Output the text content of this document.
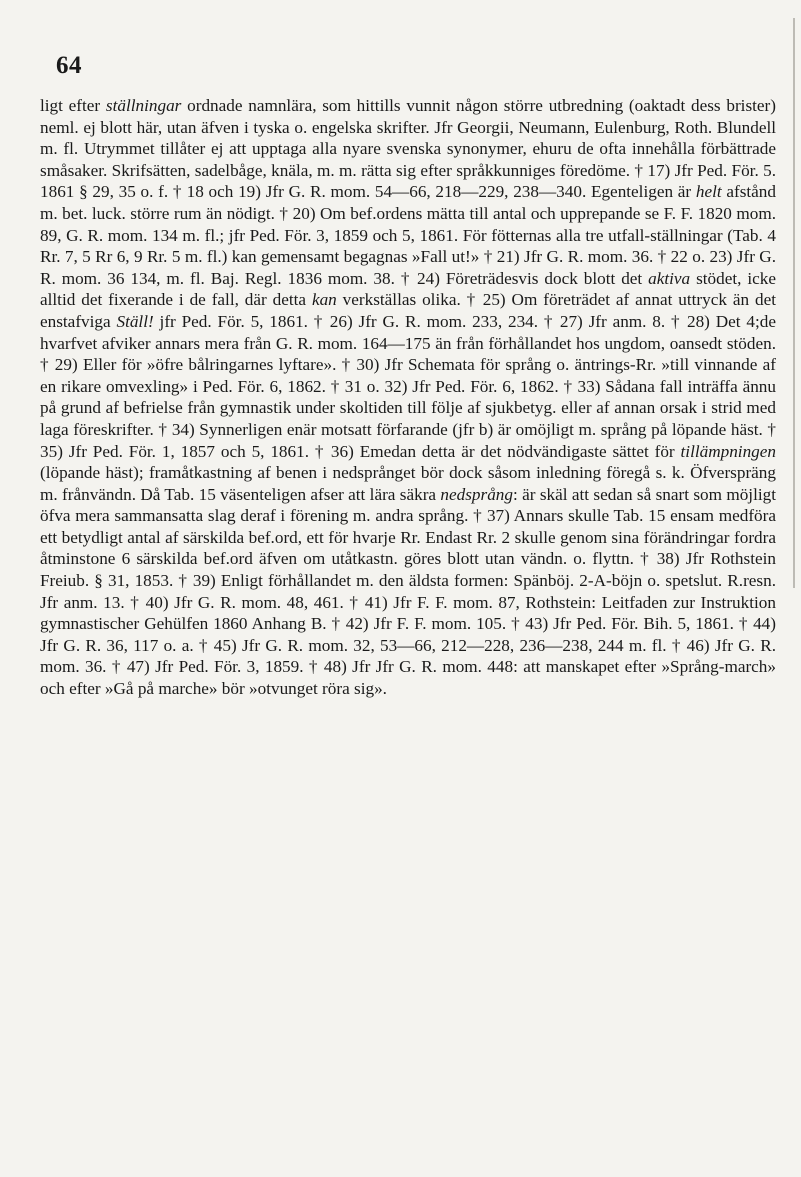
64

ligt efter ställningar ordnade namnlära, som hittills vunnit någon större utbredning (oaktadt dess brister) neml. ej blott här, utan äfven i tyska o. engelska skrifter. Jfr Georgii, Neumann, Eulenburg, Roth. Blundell m. fl. Utrymmet tillåter ej att upptaga alla nyare svenska synonymer, ehuru de ofta innehålla förbättrade småsaker. Skrifsätten, sadelbåge, knäla, m. m. rätta sig efter språkkunniges föredöme. † 17) Jfr Ped. För. 5. 1861 § 29, 35 o. f. † 18 och 19) Jfr G. R. mom. 54—66, 218—229, 238—340. Egenteligen är helt afstånd m. bet. luck. större rum än nödigt. † 20) Om bef.ordens mätta till antal och upprepande se F. F. 1820 mom. 89, G. R. mom. 134 m. fl.; jfr Ped. För. 3, 1859 och 5, 1861. För fötternas alla tre utfall-ställningar (Tab. 4 Rr. 7, 5 Rr 6, 9 Rr. 5 m. fl.) kan gemensamt begagnas »Fall ut!» † 21) Jfr G. R. mom. 36. † 22 o. 23) Jfr G. R. mom. 36 134, m. fl. Baj. Regl. 1836 mom. 38. † 24) Företrädesvis dock blott det aktiva stödet, icke alltid det fixerande i de fall, där detta kan verkställas olika. † 25) Om företrädet af annat uttryck än det enstafviga Ställ! jfr Ped. För. 5, 1861. † 26) Jfr G. R. mom. 233, 234. † 27) Jfr anm. 8. † 28) Det 4;de hvarfvet afviker annars mera från G. R. mom. 164—175 än från förhållandet hos ungdom, oansedt stöden. † 29) Eller för »öfre bålringarnes lyftare». † 30) Jfr Schemata för språng o. äntrings-Rr. »till vinnande af en rikare omvexling» i Ped. För. 6, 1862. † 31 o. 32) Jfr Ped. För. 6, 1862. † 33) Sådana fall inträffa ännu på grund af befrielse från gymnastik under skoltiden till följe af sjukbetyg. eller af annan orsak i strid med laga föreskrifter. † 34) Synnerligen enär motsatt förfarande (jfr b) är omöjligt m. språng på löpande häst. † 35) Jfr Ped. För. 1, 1857 och 5, 1861. † 36) Emedan detta är det nödvändigaste sättet för tillämpningen (löpande häst); framåtkastning af benen i nedsprånget bör dock såsom inledning föregå s. k. Öfverspräng m. frånvändn. Då Tab. 15 väsenteligen afser att lära säkra nedsprång: är skäl att sedan så snart som möjligt öfva mera sammansatta slag deraf i förening m. andra språng. † 37) Annars skulle Tab. 15 ensam medföra ett betydligt antal af särskilda bef.ord, ett för hvarje Rr. Endast Rr. 2 skulle genom sina förändringar fordra åtminstone 6 särskilda bef.ord äfven om utåtkastn. göres blott utan vändn. o. flyttn. † 38) Jfr Rothstein Freiub. § 31, 1853. † 39) Enligt förhållandet m. den äldsta formen: Spänböj. 2-A-böjn o. spetslut. R.resn. Jfr anm. 13. † 40) Jfr G. R. mom. 48, 461. † 41) Jfr F. F. mom. 87, Rothstein: Leitfaden zur Instruktion gymnastischer Gehülfen 1860 Anhang B. † 42) Jfr F. F. mom. 105. † 43) Jfr Ped. För. Bih. 5, 1861. † 44) Jfr G. R. 36, 117 o. a. † 45) Jfr G. R. mom. 32, 53—66, 212—228, 236—238, 244 m. fl. † 46) Jfr G. R. mom. 36. † 47) Jfr Ped. För. 3, 1859. † 48) Jfr Jfr G. R. mom. 448: att manskapet efter »Språng-march» och efter »Gå på marche» bör »otvunget röra sig».
